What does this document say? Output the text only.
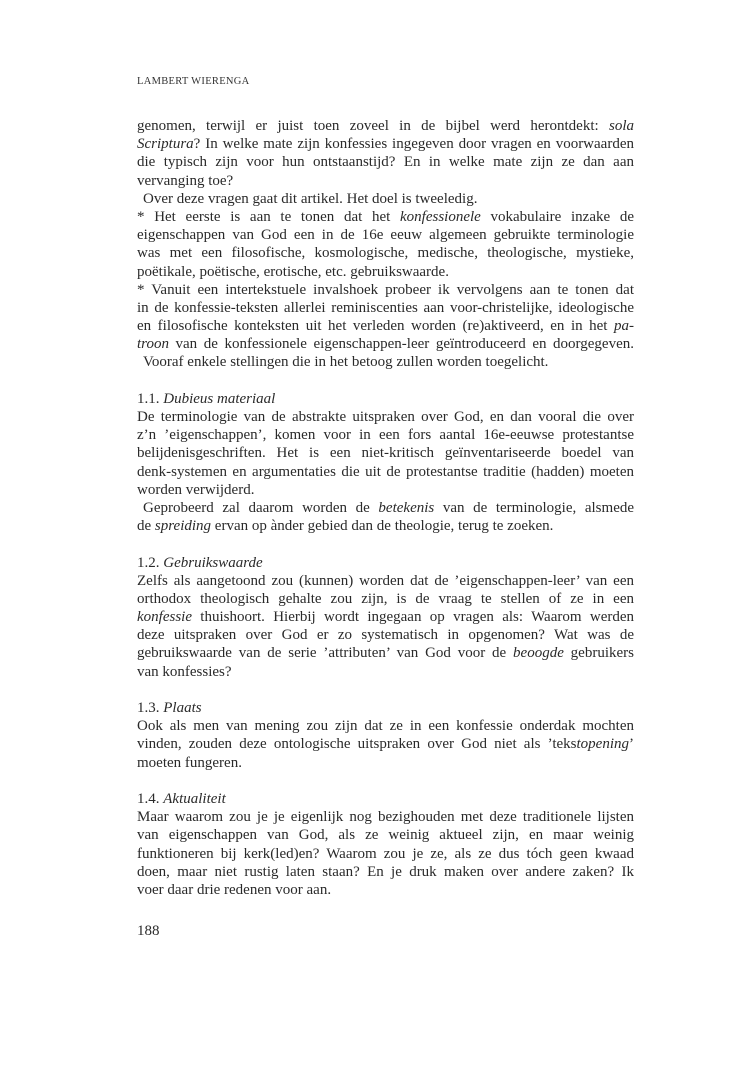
LAMBERT WIERENGA
genomen, terwijl er juist toen zoveel in de bijbel werd herontdekt: sola
Scriptura? In welke mate zijn konfessies ingegeven door vragen en voorwaarden
die typisch zijn voor hun ontstaanstijd? En in welke mate zijn ze dan aan
vervanging toe?
Over deze vragen gaat dit artikel. Het doel is tweeledig.
* Het eerste is aan te tonen dat het konfessionele vokabulaire inzake de
eigenschappen van God een in de 16e eeuw algemeen gebruikte terminologie
was met een filosofische, kosmologische, medische, theologische, mystieke,
poëtikale, poëtische, erotische, etc. gebruikswaarde.
* Vanuit een intertekstuele invalshoek probeer ik vervolgens aan te tonen dat
in de konfessie-teksten allerlei reminiscenties aan voor-christelijke, ideologische
en filosofische konteksten uit het verleden worden (re)aktiveerd, en in het pa-
troon van de konfessionele eigenschappen-leer geïntroduceerd en doorgegeven.
Vooraf enkele stellingen die in het betoog zullen worden toegelicht.
1.1. Dubieus materiaal
De terminologie van de abstrakte uitspraken over God, en dan vooral die over
z’n ’eigenschappen’, komen voor in een fors aantal 16e-eeuwse protestantse
belijdenisgeschriften. Het is een niet-kritisch geïnventariseerde boedel van
denk-systemen en argumentaties die uit de protestantse traditie (hadden) moeten
worden verwijderd.
Geprobeerd zal daarom worden de betekenis van de terminologie, alsmede
de spreiding ervan op ànder gebied dan de theologie, terug te zoeken.
1.2. Gebruikswaarde
Zelfs als aangetoond zou (kunnen) worden dat de ’eigenschappen-leer’ van een
orthodox theologisch gehalte zou zijn, is de vraag te stellen of ze in een
konfessie thuishoort. Hierbij wordt ingegaan op vragen als: Waarom werden
deze uitspraken over God er zo systematisch in opgenomen? Wat was de
gebruikswaarde van de serie ’attributen’ van God voor de beoogde gebruikers
van konfessies?
1.3. Plaats
Ook als men van mening zou zijn dat ze in een konfessie onderdak mochten
vinden, zouden deze ontologische uitspraken over God niet als ’tekstopening’
moeten fungeren.
1.4. Aktualiteit
Maar waarom zou je je eigenlijk nog bezighouden met deze traditionele lijsten
van eigenschappen van God, als ze weinig aktueel zijn, en maar weinig
funktioneren bij kerk(led)en? Waarom zou je ze, als ze dus tóch geen kwaad
doen, maar niet rustig laten staan? En je druk maken over andere zaken? Ik
voer daar drie redenen voor aan.
188
